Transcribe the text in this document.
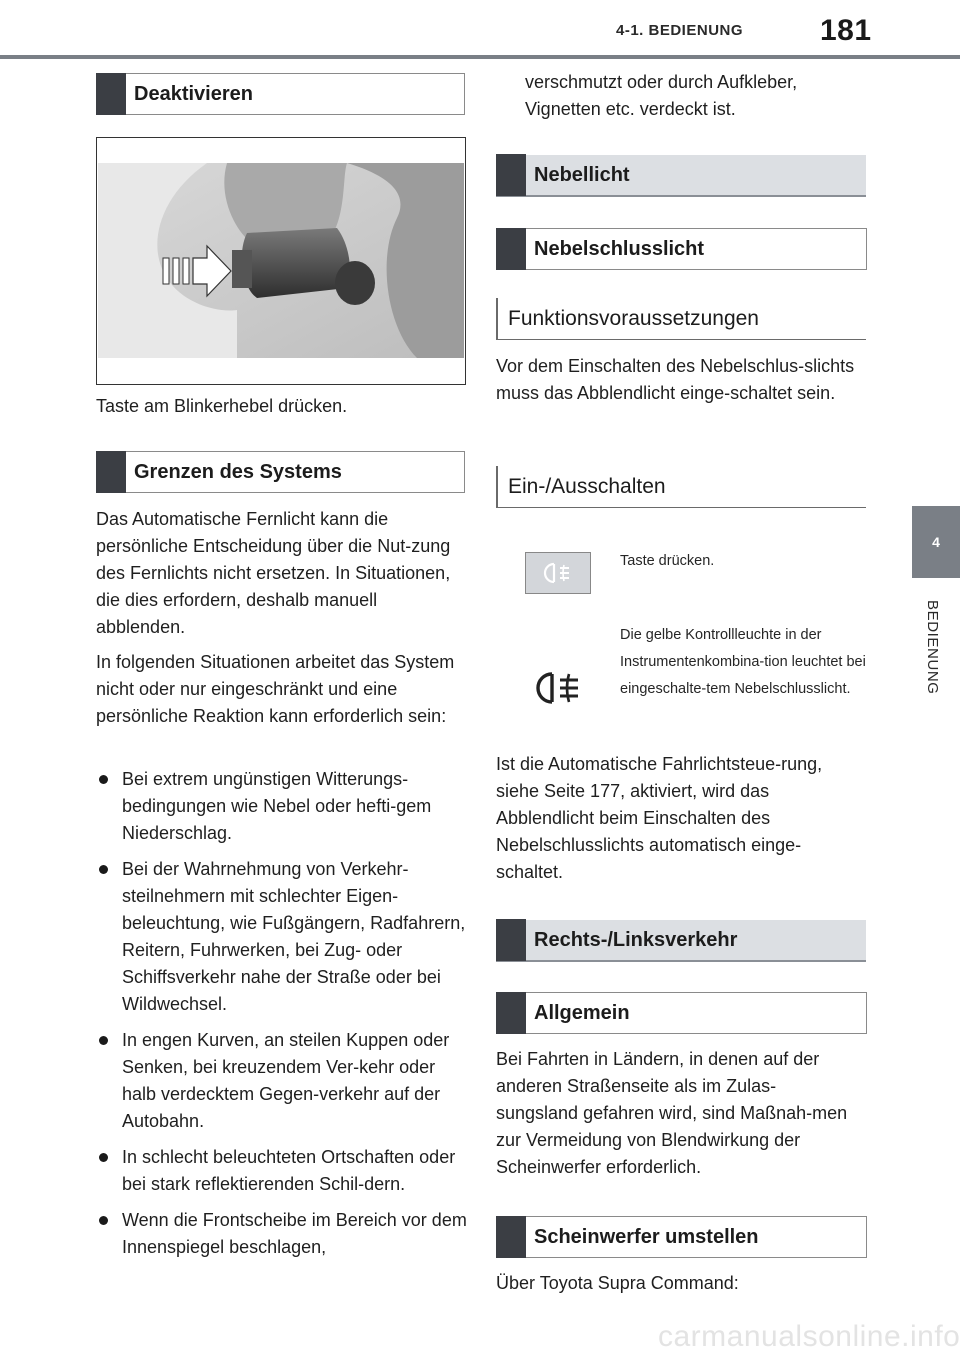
4-1. BEDIENUNG	181
4
BEDIENUNG
Deaktivieren
Taste am Blinkerhebel drücken.
Grenzen des Systems

Das Automatische Fernlicht kann die persönliche Entscheidung über die Nut-zung des Fernlichts nicht ersetzen. In Situationen, die dies erfordern, deshalb manuell abblenden.

In folgenden Situationen arbeitet das System nicht oder nur eingeschränkt und eine persönliche Reaktion kann erforderlich sein:

Bei extrem ungünstigen Witterungs-bedingungen wie Nebel oder hefti-gem Niederschlag.
Bei der Wahrnehmung von Verkehr-steilnehmern mit schlechter Eigen-beleuchtung, wie Fußgängern, Radfahrern, Reitern, Fuhrwerken, bei Zug- oder Schiffsverkehr nahe der Straße oder bei Wildwechsel.
In engen Kurven, an steilen Kuppen oder Senken, bei kreuzendem Ver-kehr oder halb verdecktem Gegen-verkehr auf der Autobahn.
In schlecht beleuchteten Ortschaften oder bei stark reflektierenden Schil-dern.
Wenn die Frontscheibe im Bereich vor dem Innenspiegel beschlagen,
verschmutzt oder durch Aufkleber, Vignetten etc. verdeckt ist.
Nebellicht
Nebelschlusslicht
Funktionsvoraussetzungen
Vor dem Einschalten des Nebelschlus-slichts muss das Abblendlicht einge-schaltet sein.
Ein-/Ausschalten
Taste drücken.
Die gelbe Kontrollleuchte in der Instrumentenkombina-tion leuchtet bei eingeschalte-tem Nebelschlusslicht.
Ist die Automatische Fahrlichtsteue-rung, siehe Seite 177, aktiviert, wird das Abblendlicht beim Einschalten des Nebelschlusslichts automatisch einge-schaltet.
Rechts-/Linksverkehr
Allgemein
Bei Fahrten in Ländern, in denen auf der anderen Straßenseite als im Zulas-sungsland gefahren wird, sind Maßnah-men zur Vermeidung von Blendwirkung der Scheinwerfer erforderlich.
Scheinwerfer umstellen
Über Toyota Supra Command:
carmanualsonline.info
